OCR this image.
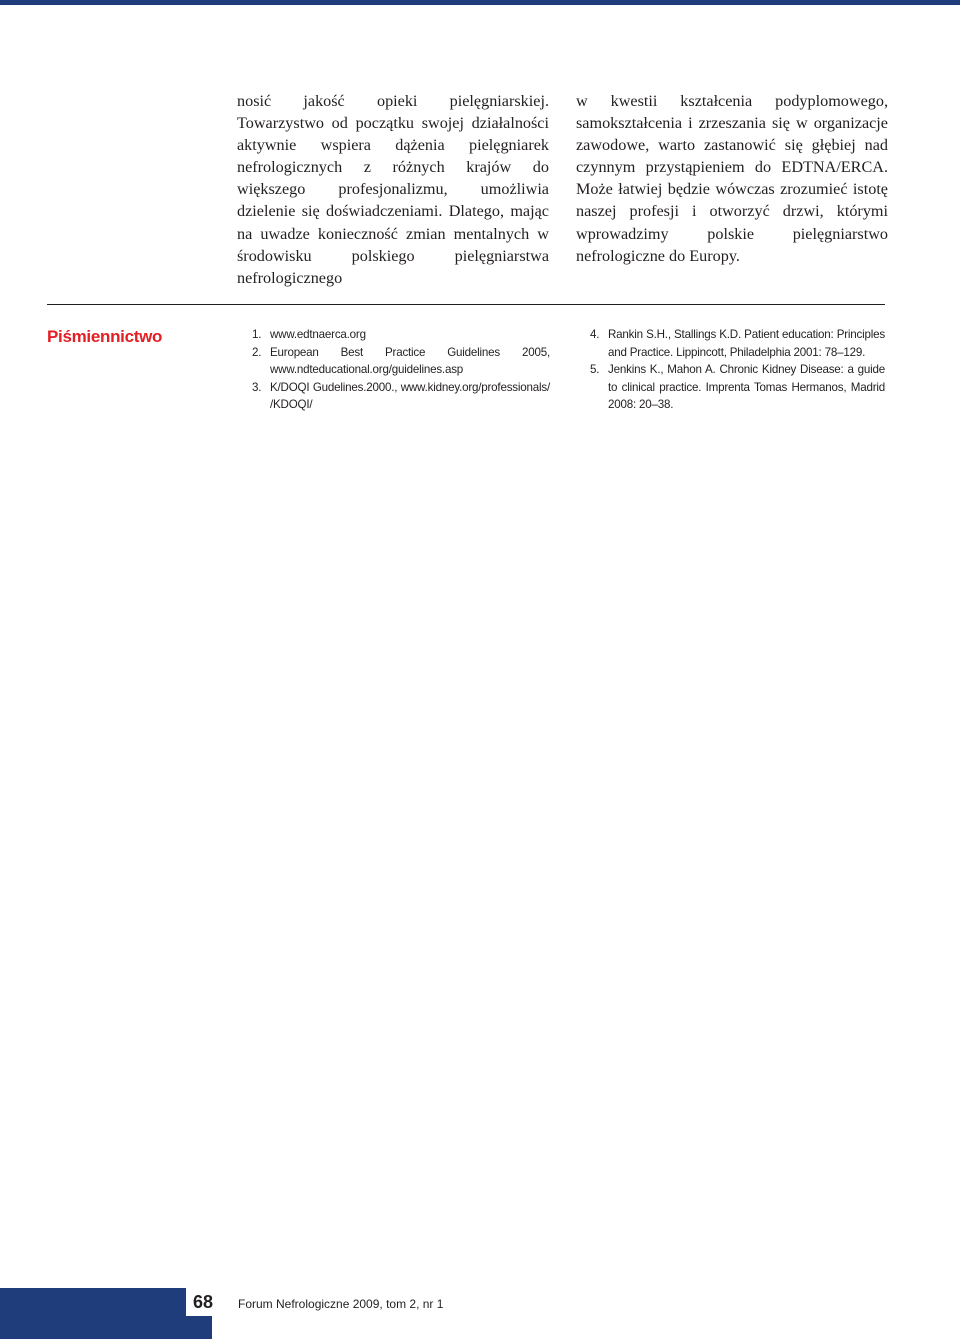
nosić jakość opieki pielęgniarskiej. Towarzystwo od początku swojej działalności aktywnie wspiera dążenia pielęgniarek nefrologicznych z różnych krajów do większego profesjonalizmu, umożliwia dzielenie się doświadczeniami. Dlatego, mając na uwadze konieczność zmian mentalnych w środowisku polskiego pielęgniarstwa nefrologicznego

w kwestii kształcenia podyplomowego, samokształcenia i zrzeszania się w organizacje zawodowe, warto zastanowić się głębiej nad czynnym przystąpieniem do EDTNA/ERCA. Może łatwiej będzie wówczas zrozumieć istotę naszej profesji i otworzyć drzwi, którymi wprowadzimy polskie pielęgniarstwo nefrologiczne do Europy.

Piśmiennictwo	1. www.edtnaerca.org
2. European Best Practice Guidelines 2005, www.ndteducational.org/guidelines.asp
3. K/DOQI Gudelines.2000., www.kidney.org/professionals/ /KDOQI/
4. Rankin S.H., Stallings K.D. Patient education: Principles and Practice. Lippincott, Philadelphia 2001: 78–129.
5. Jenkins K., Mahon A. Chronic Kidney Disease: a guide to clinical practice. Imprenta Tomas Hermanos, Madrid 2008: 20–38.
68	Forum Nefrologiczne 2009, tom 2, nr 1
